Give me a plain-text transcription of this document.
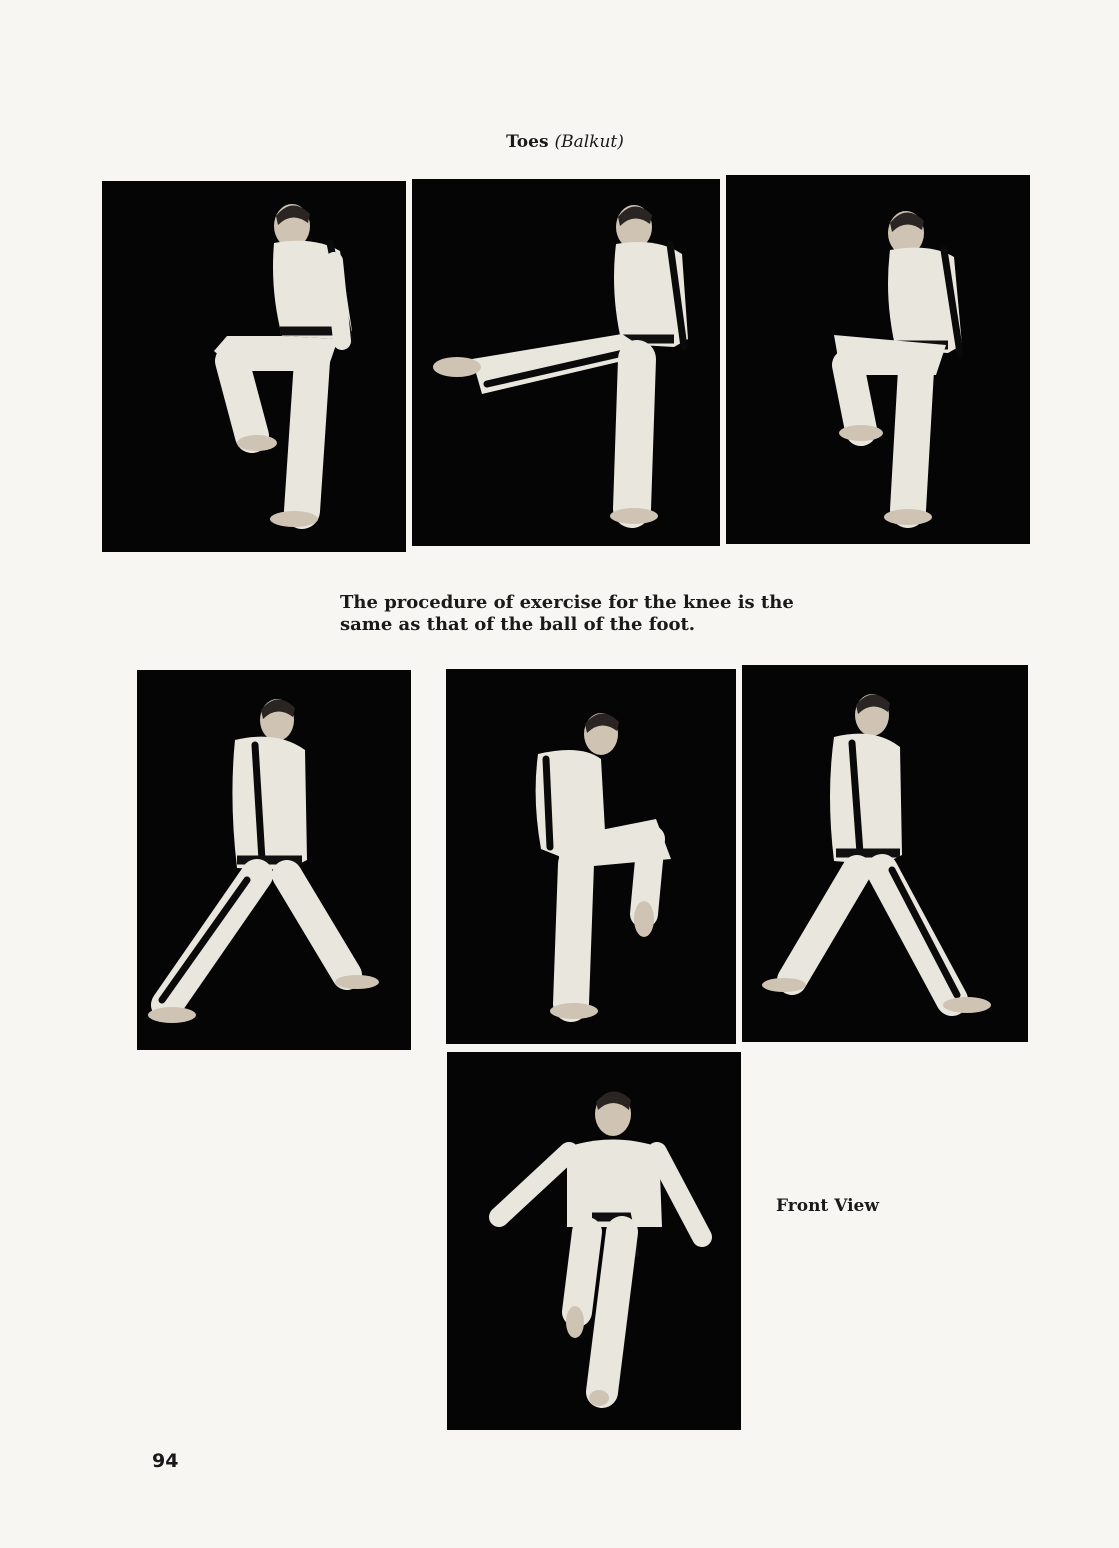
Toes (Balkut)
The procedure of exercise for the knee is the
same as that of the ball of the foot.
Front View
94
